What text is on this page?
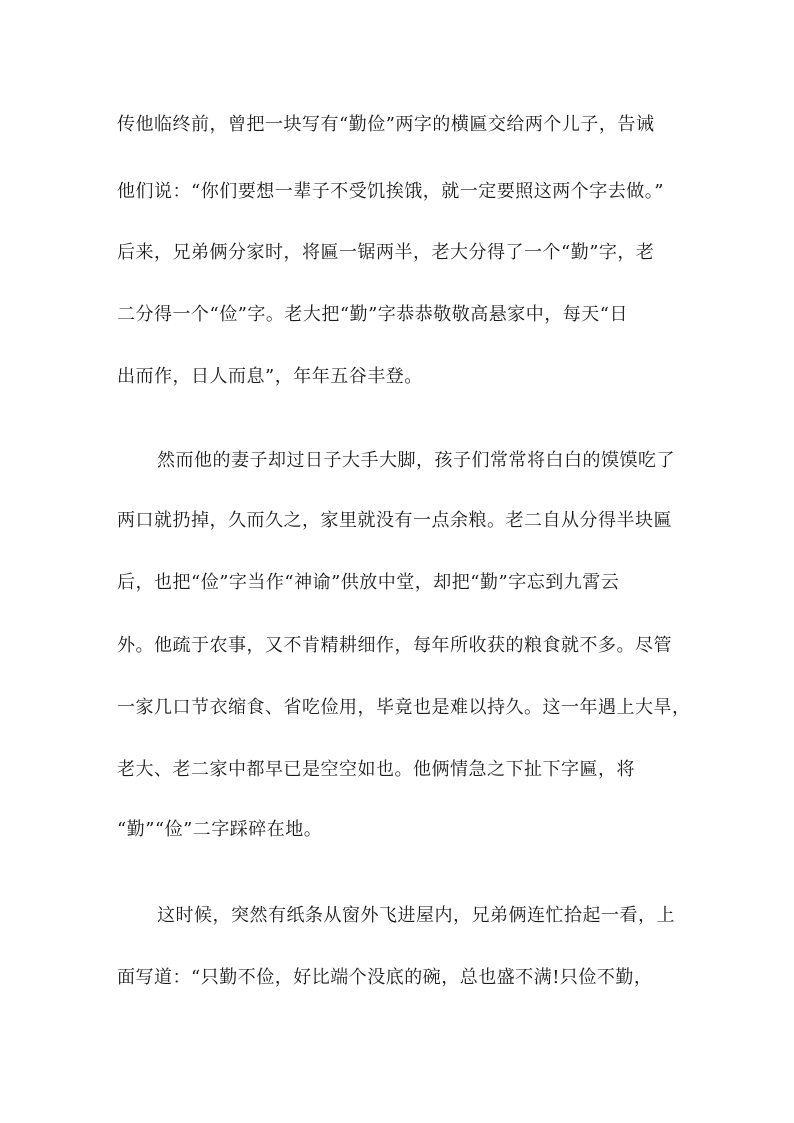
传他临终前，曾把一块写有“勤俭”两字的横匾交给两个儿子，告诫
他们说：“你们要想一辈子不受饥挨饿，就一定要照这两个字去做。”
后来，兄弟俩分家时，将匾一锯两半，老大分得了一个“勤”字，老
二分得一个“俭”字。老大把“勤”字恭恭敬敬高悬家中，每天“日
出而作，日人而息”，年年五谷丰登。
然而他的妻子却过日子大手大脚，孩子们常常将白白的馍馍吃了
两口就扔掉，久而久之，家里就没有一点余粮。老二自从分得半块匾
后，也把“俭”字当作“神谕”供放中堂，却把“勤”字忘到九霄云
外。他疏于农事，又不肯精耕细作，每年所收获的粮食就不多。尽管
一家几口节衣缩食、省吃俭用，毕竟也是难以持久。这一年遇上大旱，
老大、老二家中都早已是空空如也。他俩情急之下扯下字匾，将
“勤”“俭”二字踩碎在地。
这时候，突然有纸条从窗外飞进屋内，兄弟俩连忙拾起一看，上
面写道：“只勤不俭，好比端个没底的碗，总也盛不满!只俭不勤，
